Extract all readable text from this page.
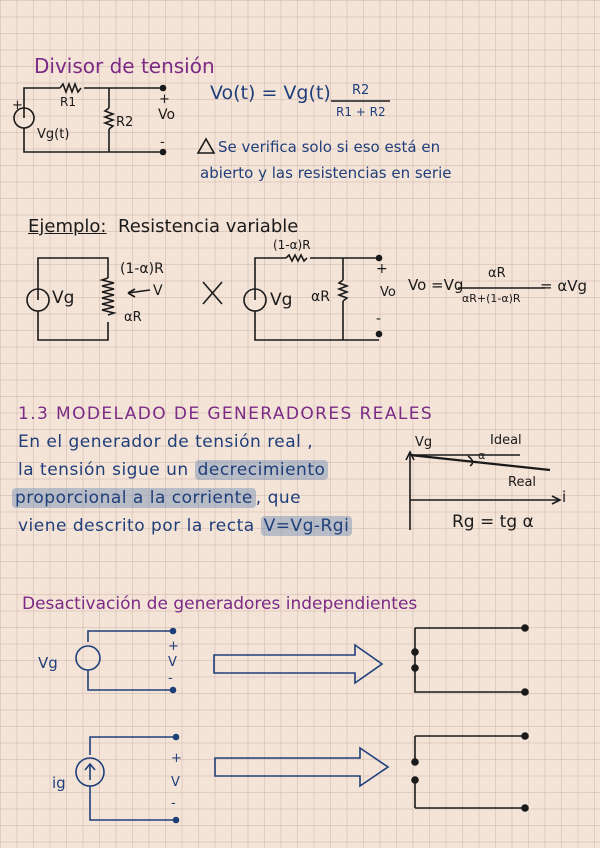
Divisor de tensión
+	R1
R2
Vg(t)
+
Vo
-
Vo(t) = Vg(t) R2
R1 + R2
Se verifica solo si eso está en
abierto y las resistencias en serie
Ejemplo: Resistencia variable
Vg
(1-α)R
V
αR
Vg
(1-α)R
αR
+
Vo
-
Vo =Vg
αR
αR+(1-α)R
= αVg
1.3 MODELADO DE GENERADORES REALES
En el generador de tensión real ,
la tensión sigue un decrecimiento
proporcional a la corriente , que
viene descrito por la recta V=Vg-Rgi
Vg	Ideal
α
Real
i
Rg = tg α
Desactivación de generadores independientes
Vg
+
V
-
ig
+
V
-
